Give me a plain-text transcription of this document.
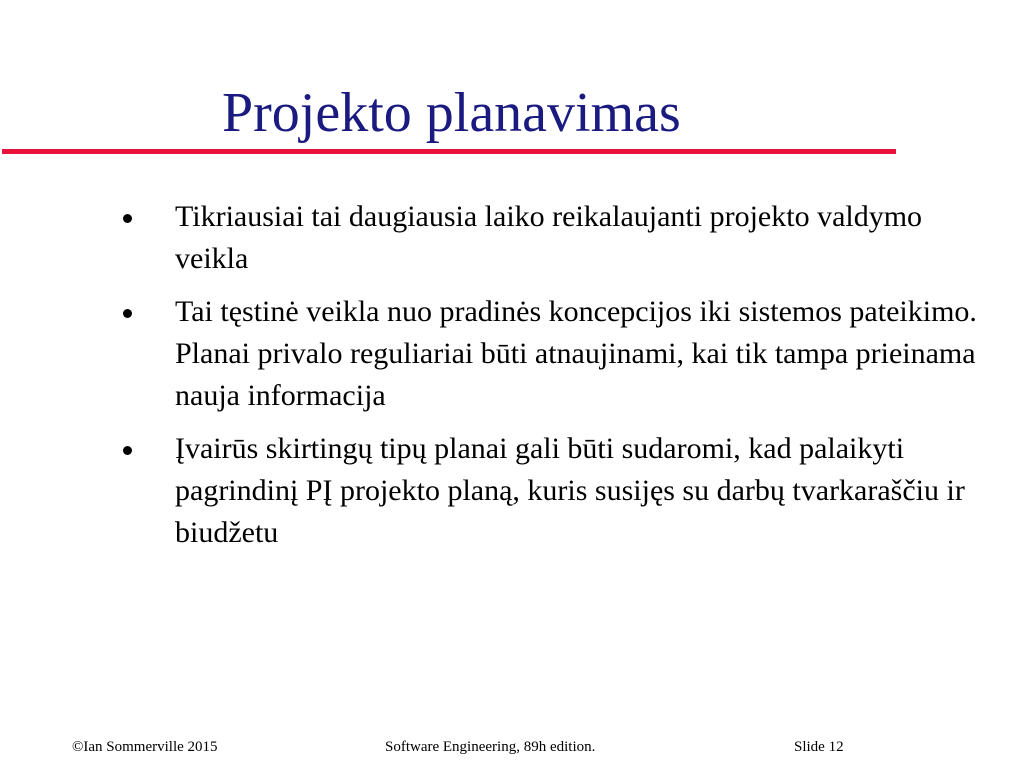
Projekto planavimas
Tikriausiai tai daugiausia laiko reikalaujanti projekto valdymo veikla
Tai tęstinė veikla nuo pradinės koncepcijos iki sistemos pateikimo. Planai privalo reguliariai būti atnaujinami, kai tik tampa prieinama nauja informacija
Įvairūs skirtingų tipų planai gali būti sudaromi, kad palaikyti pagrindinį PĮ projekto planą, kuris susijęs su darbų tvarkaraščiu ir biudžetu
©Ian Sommerville 2015	Software Engineering, 89h edition.	Slide 12
